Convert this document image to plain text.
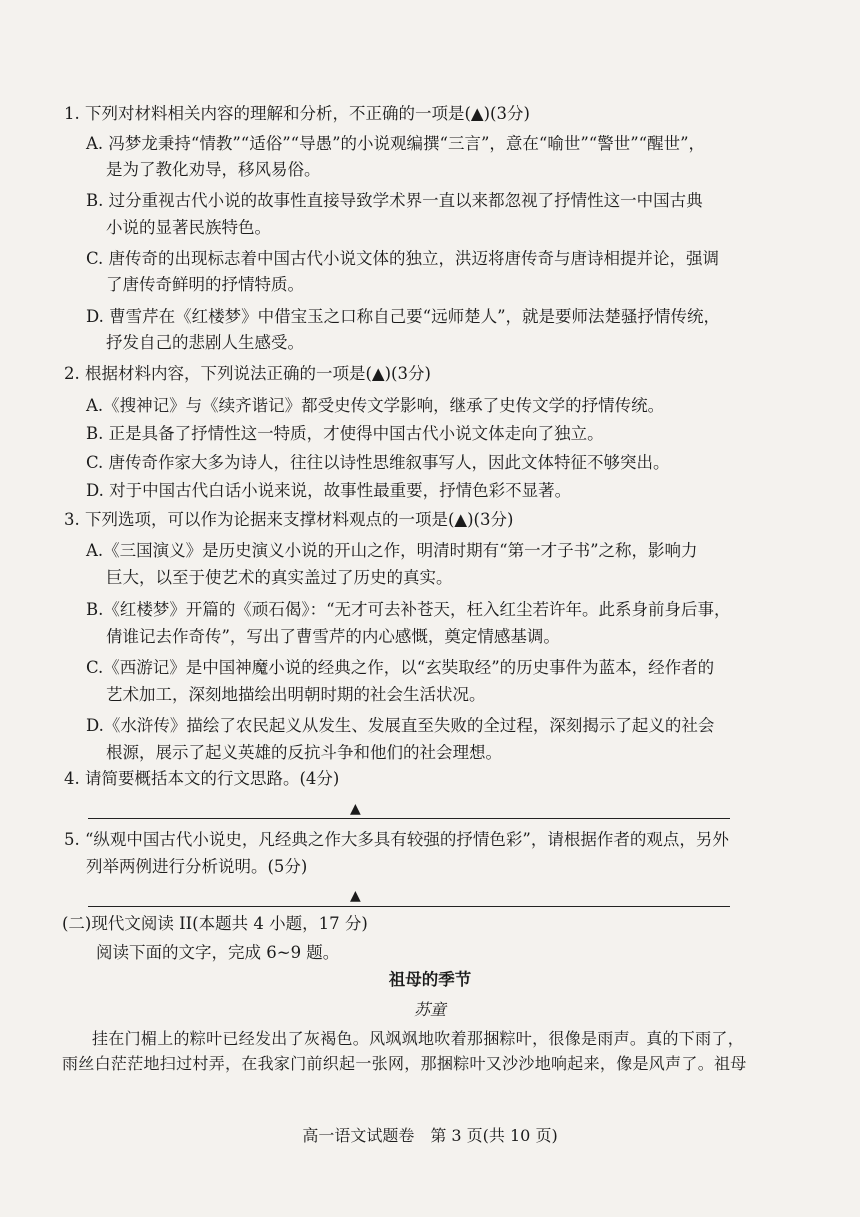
1. 下列对材料相关内容的理解和分析，不正确的一项是(▲)(3分)
A. 冯梦龙秉持“情教”“适俗”“导愚”的小说观编撰“三言”，意在“喻世”“警世”“醒世”，
是为了教化劝导，移风易俗。
B. 过分重视古代小说的故事性直接导致学术界一直以来都忽视了抒情性这一中国古典
小说的显著民族特色。
C. 唐传奇的出现标志着中国古代小说文体的独立，洪迈将唐传奇与唐诗相提并论，强调
了唐传奇鲜明的抒情特质。
D. 曹雪芹在《红楼梦》中借宝玉之口称自己要“远师楚人”，就是要师法楚骚抒情传统，
抒发自己的悲剧人生感受。
2. 根据材料内容，下列说法正确的一项是(▲)(3分)
A.《搜神记》与《续齐谐记》都受史传文学影响，继承了史传文学的抒情传统。
B. 正是具备了抒情性这一特质，才使得中国古代小说文体走向了独立。
C. 唐传奇作家大多为诗人，往往以诗性思维叙事写人，因此文体特征不够突出。
D. 对于中国古代白话小说来说，故事性最重要，抒情色彩不显著。
3. 下列选项，可以作为论据来支撑材料观点的一项是(▲)(3分)
A.《三国演义》是历史演义小说的开山之作，明清时期有“第一才子书”之称，影响力
巨大，以至于使艺术的真实盖过了历史的真实。
B.《红楼梦》开篇的《顽石偈》：“无才可去补苍天，枉入红尘若许年。此系身前身后事，
倩谁记去作奇传”，写出了曹雪芹的内心感慨，奠定情感基调。
C.《西游记》是中国神魔小说的经典之作，以“玄奘取经”的历史事件为蓝本，经作者的
艺术加工，深刻地描绘出明朝时期的社会生活状况。
D.《水浒传》描绘了农民起义从发生、发展直至失败的全过程，深刻揭示了起义的社会
根源，展示了起义英雄的反抗斗争和他们的社会理想。
4. 请简要概括本文的行文思路。(4分)
▲
5. “纵观中国古代小说史，凡经典之作大多具有较强的抒情色彩”，请根据作者的观点，另外
列举两例进行分析说明。(5分)
▲
(二)现代文阅读 II(本题共 4 小题，17 分)
阅读下面的文字，完成 6~9 题。
祖母的季节
苏童
挂在门楣上的粽叶已经发出了灰褐色。风飒飒地吹着那捆粽叶，很像是雨声。真的下雨了，
雨丝白茫茫地扫过村弄，在我家门前织起一张网，那捆粽叶又沙沙地响起来，像是风声了。祖母
高一语文试题卷　第 3 页(共 10 页)
